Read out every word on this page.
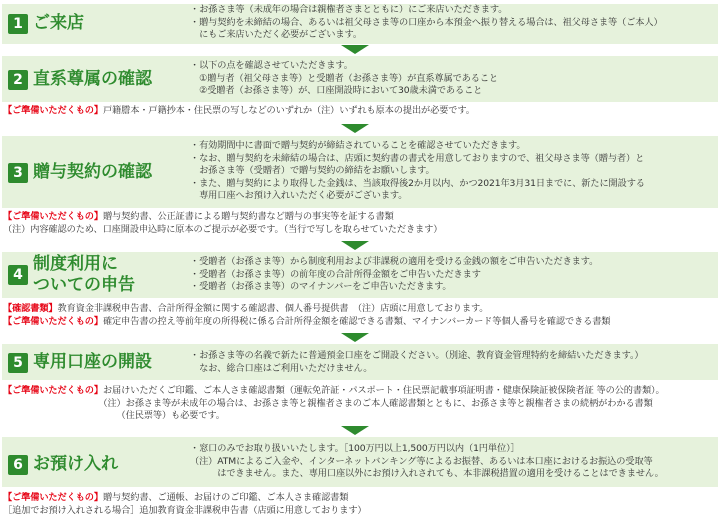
1 ご来店
・お孫さま等（未成年の場合は親権者さまとともに）にご来店いただきます。
・贈与契約を未締結の場合、あるいは祖父母さま等の口座から本預金へ振り替える場合は、祖父母さま等（ご本人）
　にもご来店いただく必要がございます。
2 直系尊属の確認
・以下の点を確認させていただきます。
　①贈与者（祖父母さま等）と受贈者（お孫さま等）が直系尊属であること
　②受贈者（お孫さま等）が、口座開設時において30歳未満であること
【ご準備いただくもの】戸籍謄本・戸籍抄本・住民票の写しなどのいずれか（注）いずれも原本の提出が必要です。
3 贈与契約の確認
・有効期間中に書面で贈与契約が締結されていることを確認させていただきます。
・なお、贈与契約を未締結の場合は、店頭に契約書の書式を用意しておりますので、祖父母さま等（贈与者）と
　お孫さま等（受贈者）で贈与契約の締結をお願いします。
・また、贈与契約により取得した金銭は、当該取得後2か月以内、かつ2021年3月31日までに、新たに開設する
　専用口座へお預け入れいただく必要がございます。
【ご準備いただくもの】贈与契約書、公正証書による贈与契約書など贈与の事実等を証する書類
（注）内容確認のため、口座開設申込時に原本のご提示が必要です。（当行で写しを取らせていただきます）
4
制度利用に
ついての申告
・受贈者（お孫さま等）から制度利用および非課税の適用を受ける金銭の額をご申告いただきます。
・受贈者（お孫さま等）の前年度の合計所得金額をご申告いただきます
・受贈者（お孫さま等）のマイナンバーをご申告いただきます。
【確認書類】教育資金非課税申告書、合計所得金額に関する確認書、個人番号提供書　（注）店頭に用意しております。
【ご準備いただくもの】確定申告書の控え等前年度の所得税に係る合計所得金額を確認できる書類、マイナンバーカード等個人番号を確認できる書類
5 専用口座の開設	・お孫さま等の名義で新たに普通預金口座をご開設ください。（別途、教育資金管理特約を締結いただきます。）
　なお、総合口座はご利用いただけません。
【ご準備いただくもの】お届けいただくご印鑑、ご本人さま確認書類（運転免許証・パスポート・住民票記載事項証明書・健康保険証被保険者証 等の公的書類）。
　　　　　　　　　　　（注）お孫さま等が未成年の場合は、お孫さま等と親権者さまのご本人確認書類とともに、お孫さま等と親権者さまの続柄がわかる書類
　　　　　　　　　　　　　（住民票等）も必要です。
6 お預け入れ
・窓口のみでお取り扱いいたします。［100万円以上1,500万円以内（1円単位）］
（注）ATMによるご入金や、インターネットバンキング等によるお振替、あるいは本口座におけるお振込の受取等
　　　はできません。また、専用口座以外にお預け入れされても、本非課税措置の適用を受けることはできません。
【ご準備いただくもの】贈与契約書、ご通帳、お届けのご印鑑、ご本人さま確認書類
［追加でお預け入れされる場合］追加教育資金非課税申告書（店頭に用意しております）
